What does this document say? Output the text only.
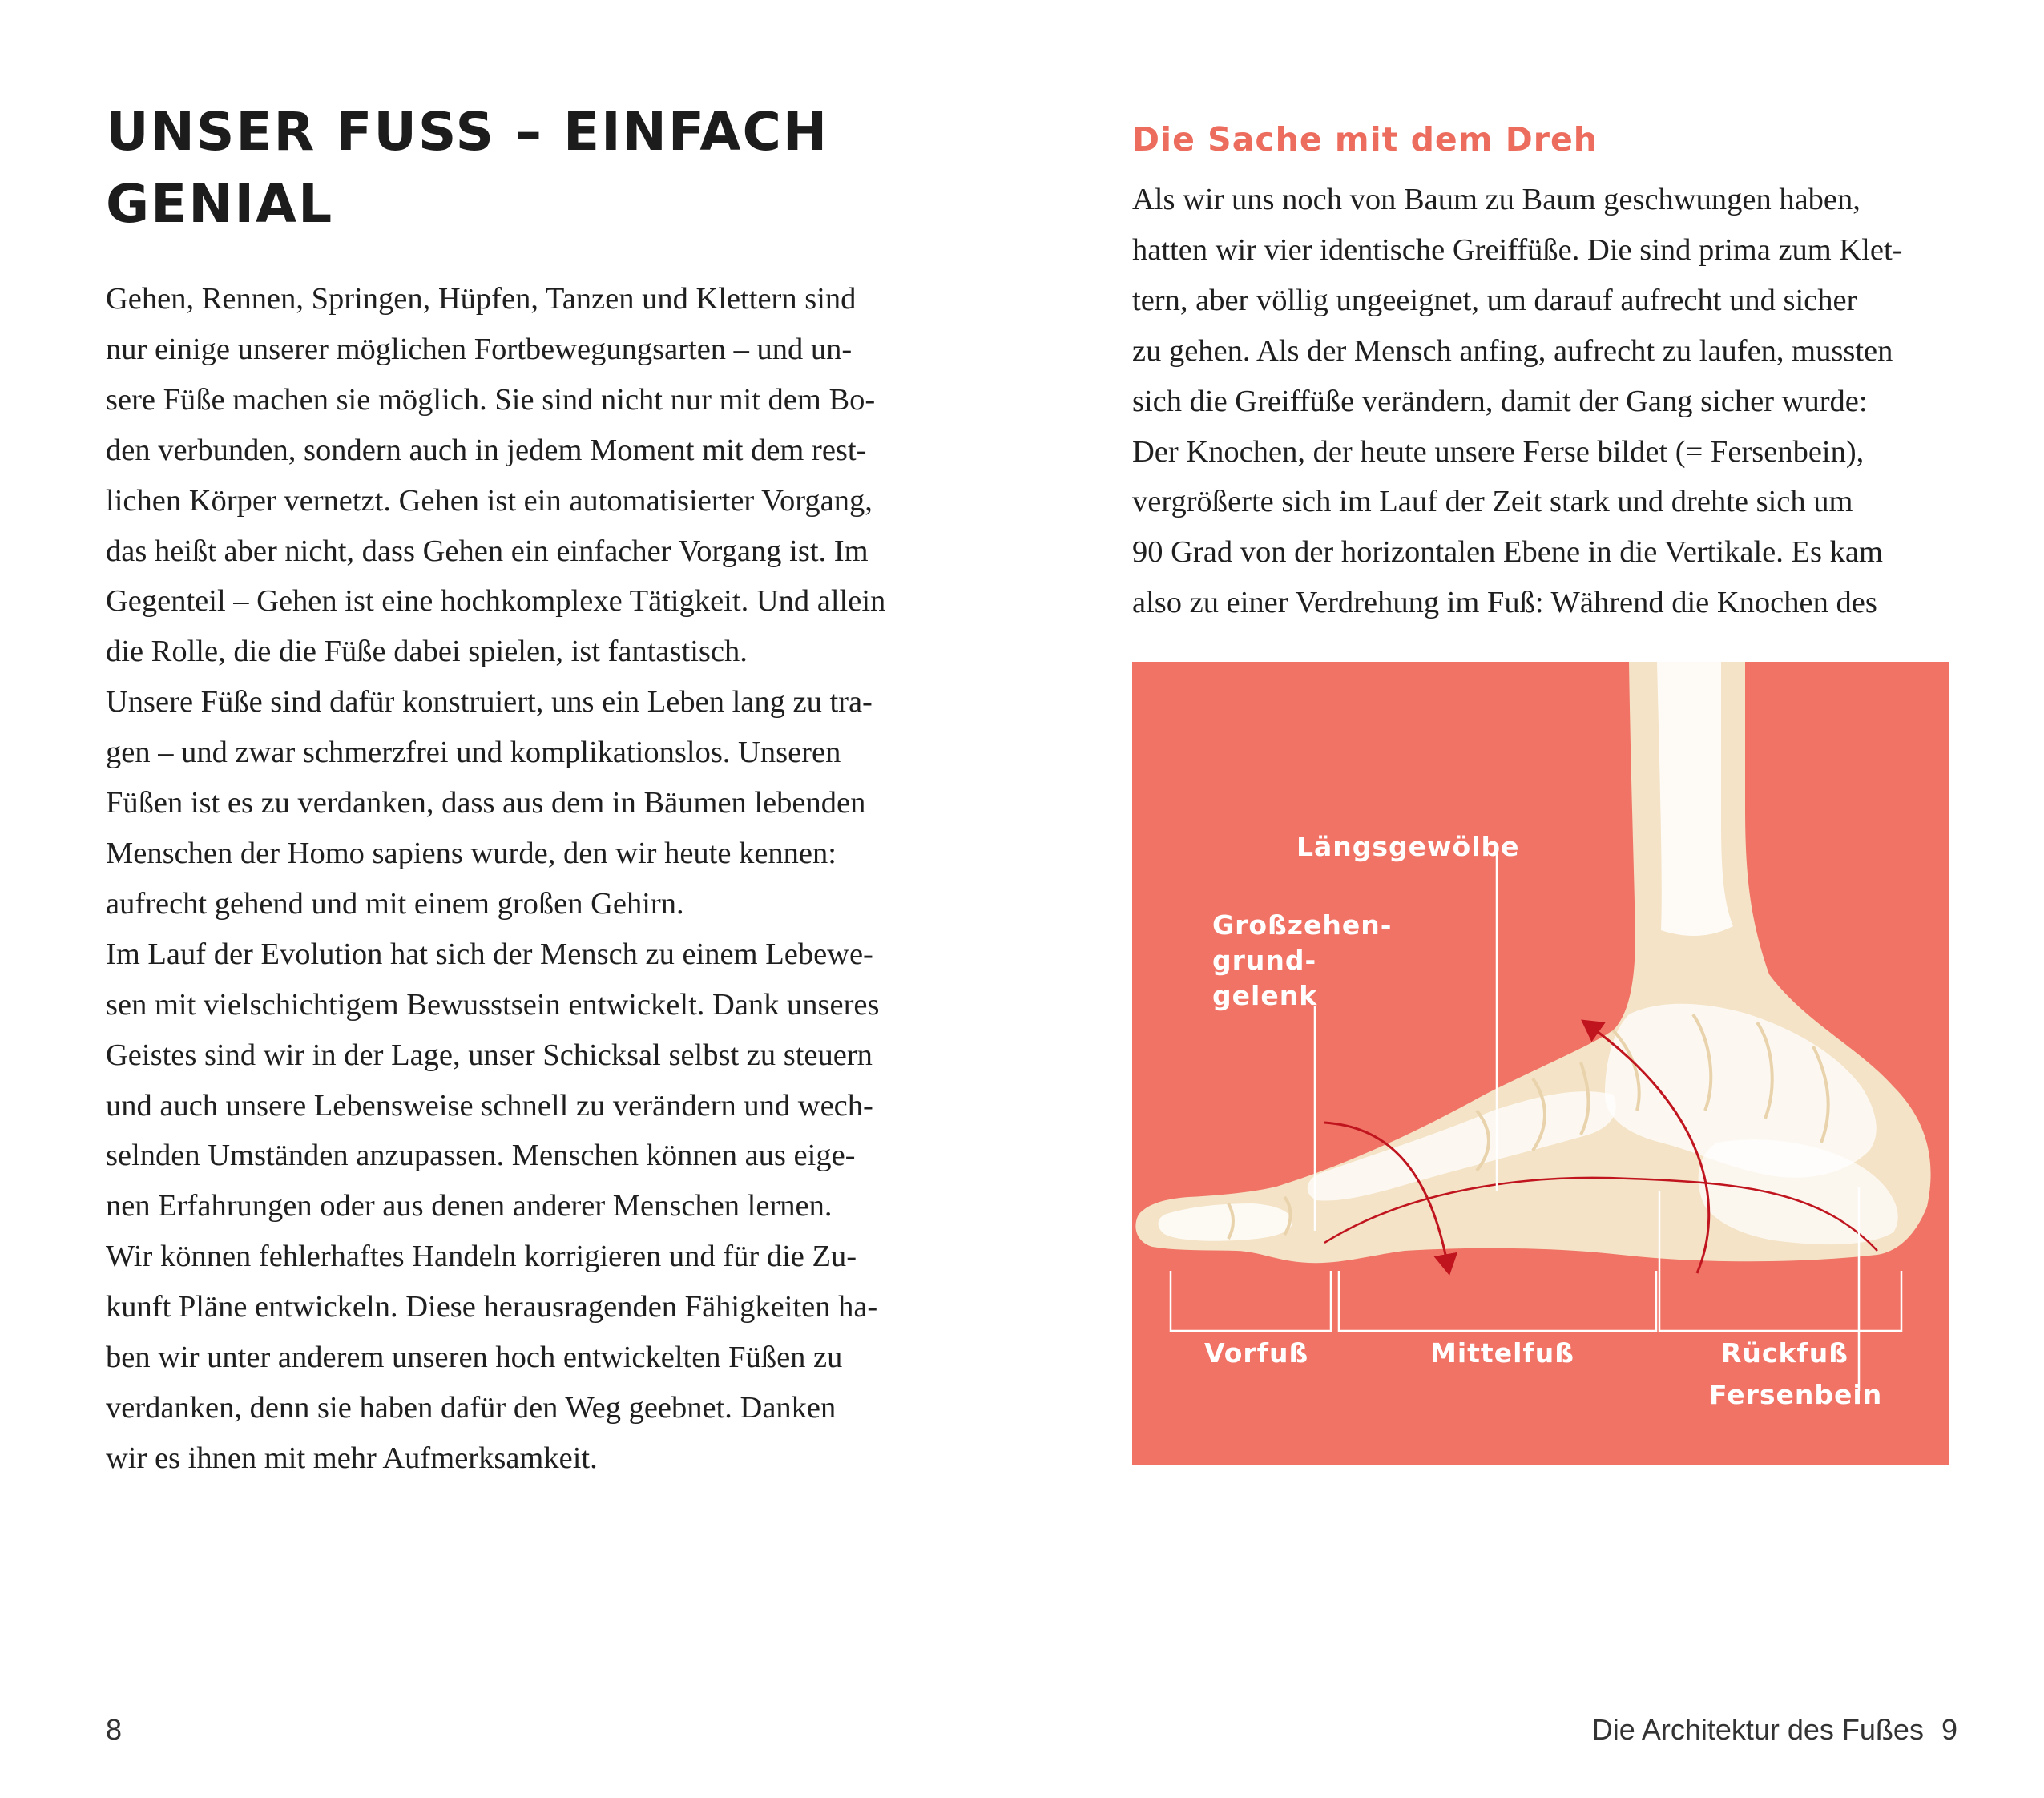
UNSER FUSS – EINFACH
GENIAL

Gehen, Rennen, Springen, Hüpfen, Tanzen und Klettern sind
nur einige unserer möglichen Fortbewegungsarten – und un-
sere Füße machen sie möglich. Sie sind nicht nur mit dem Bo-
den verbunden, sondern auch in jedem Moment mit dem rest-
lichen Körper vernetzt. Gehen ist ein automatisierter Vorgang,
das heißt aber nicht, dass Gehen ein einfacher Vorgang ist. Im
Gegenteil – Gehen ist eine hochkomplexe Tätigkeit. Und allein
die Rolle, die die Füße dabei spielen, ist fantastisch.

Unsere Füße sind dafür konstruiert, uns ein Leben lang zu tra-
gen – und zwar schmerzfrei und komplikationslos. Unseren
Füßen ist es zu verdanken, dass aus dem in Bäumen lebenden
Menschen der Homo sapiens wurde, den wir heute kennen:
aufrecht gehend und mit einem großen Gehirn.

Im Lauf der Evolution hat sich der Mensch zu einem Lebewe-
sen mit vielschichtigem Bewusstsein entwickelt. Dank unseres
Geistes sind wir in der Lage, unser Schicksal selbst zu steuern
und auch unsere Lebensweise schnell zu verändern und wech-
selnden Umständen anzupassen. Menschen können aus eige-
nen Erfahrungen oder aus denen anderer Menschen lernen.
Wir können fehlerhaftes Handeln korrigieren und für die Zu-
kunft Pläne entwickeln. Diese herausragenden Fähigkeiten ha-
ben wir unter anderem unseren hoch entwickelten Füßen zu
verdanken, denn sie haben dafür den Weg geebnet. Danken
wir es ihnen mit mehr Aufmerksamkeit.

8
Die Sache mit dem Dreh
Als wir uns noch von Baum zu Baum geschwungen haben,
hatten wir vier identische Greiffüße. Die sind prima zum Klet-
tern, aber völlig ungeeignet, um darauf aufrecht und sicher
zu gehen. Als der Mensch anfing, aufrecht zu laufen, mussten
sich die Greiffüße verändern, damit der Gang sicher wurde:
Der Knochen, der heute unsere Ferse bildet (= Fersenbein),
vergrößerte sich im Lauf der Zeit stark und drehte sich um
90 Grad von der horizontalen Ebene in die Vertikale. Es kam
also zu einer Verdrehung im Fuß: Während die Knochen des
Längsgewölbe
Großzehen-
grund-
gelenk
Vorfuß	Mittelfuß	Rückfuß
Fersenbein
Die Architektur des Fußes 9
